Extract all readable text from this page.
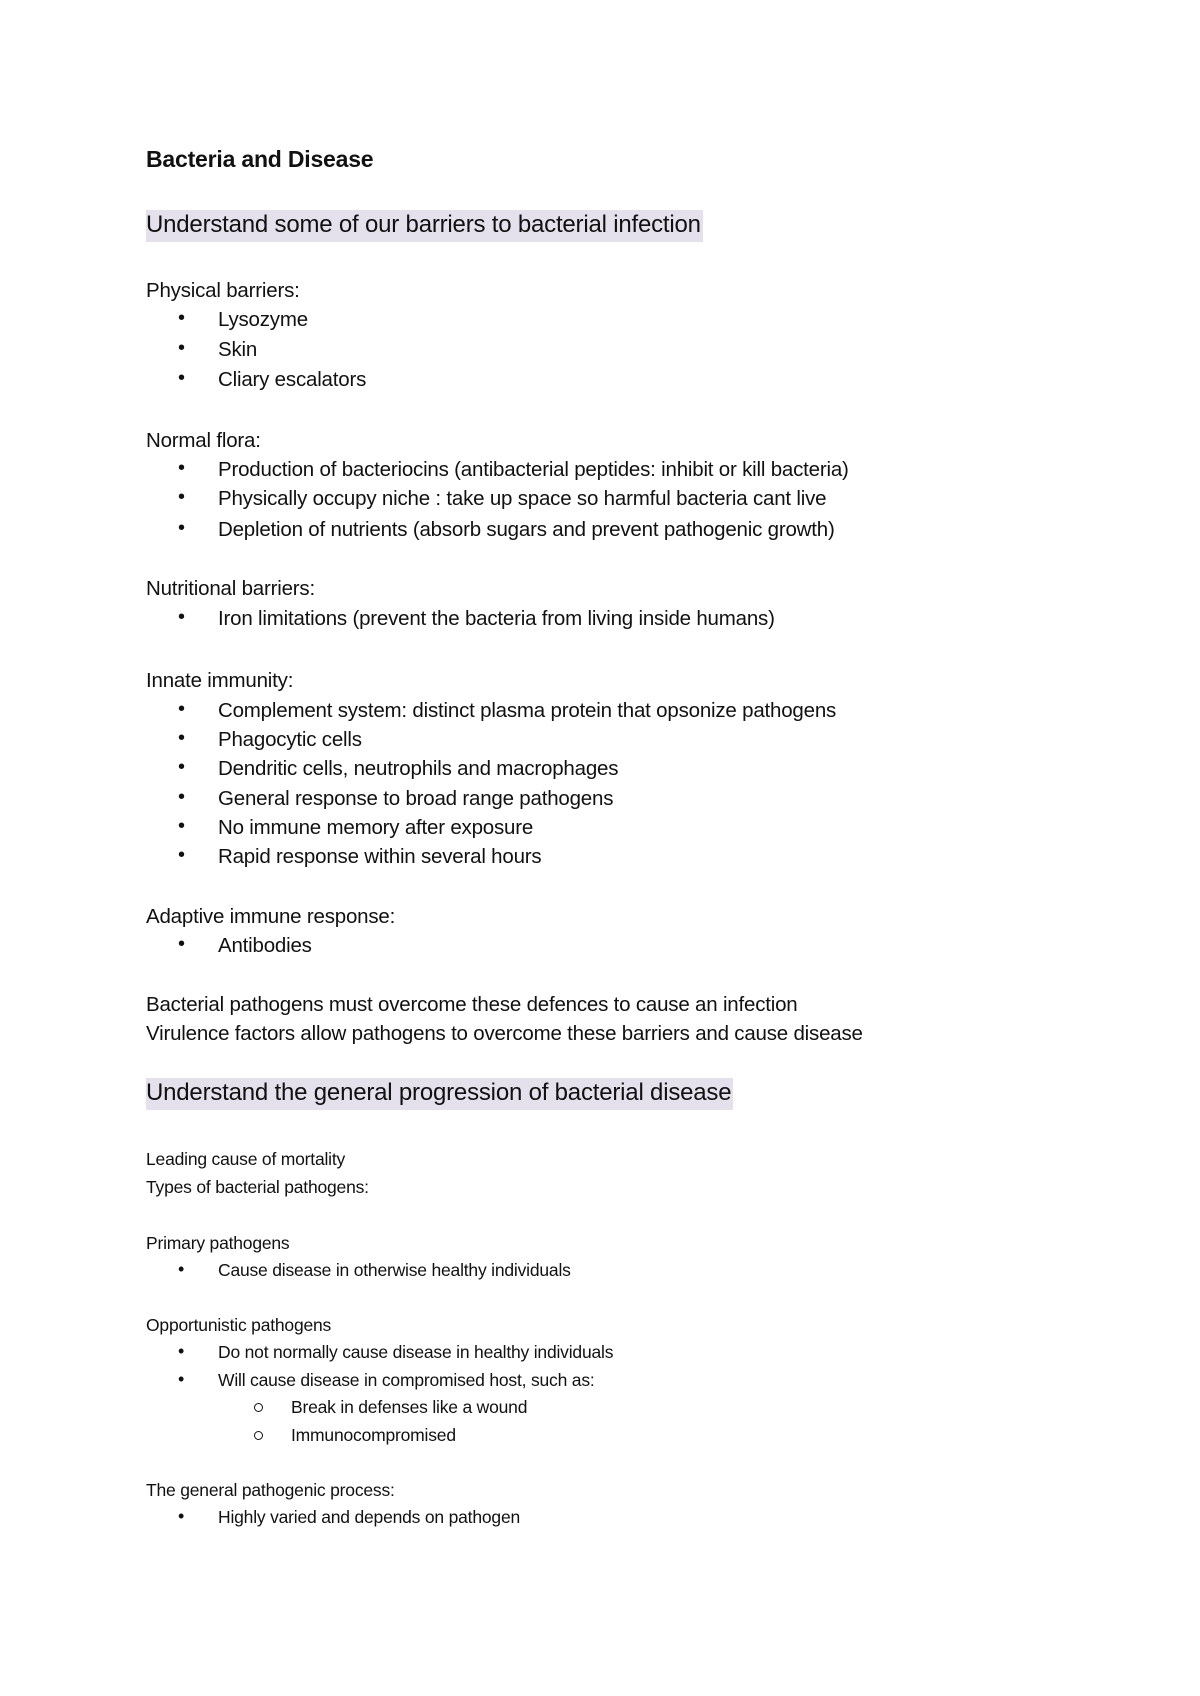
Bacteria and Disease
Understand some of our barriers to bacterial infection
Physical barriers:
• Lysozyme
• Skin
• Cliary escalators
Normal flora:
• Production of bacteriocins (antibacterial peptides: inhibit or kill bacteria)
• Physically occupy niche : take up space so harmful bacteria cant live
• Depletion of nutrients (absorb sugars and prevent pathogenic growth)
Nutritional barriers:
• Iron limitations (prevent the bacteria from living inside humans)
Innate immunity:
• Complement system: distinct plasma protein that opsonize pathogens
• Phagocytic cells
• Dendritic cells, neutrophils and macrophages
• General response to broad range pathogens
• No immune memory after exposure
• Rapid response within several hours
Adaptive immune response:
• Antibodies
Bacterial pathogens must overcome these defences to cause an infection
Virulence factors allow pathogens to overcome these barriers and cause disease
Understand the general progression of bacterial disease
Leading cause of mortality
Types of bacterial pathogens:
Primary pathogens
• Cause disease in otherwise healthy individuals
Opportunistic pathogens
• Do not normally cause disease in healthy individuals
• Will cause disease in compromised host, such as:
Break in defenses like a wound
Immunocompromised
The general pathogenic process:
• Highly varied and depends on pathogen
